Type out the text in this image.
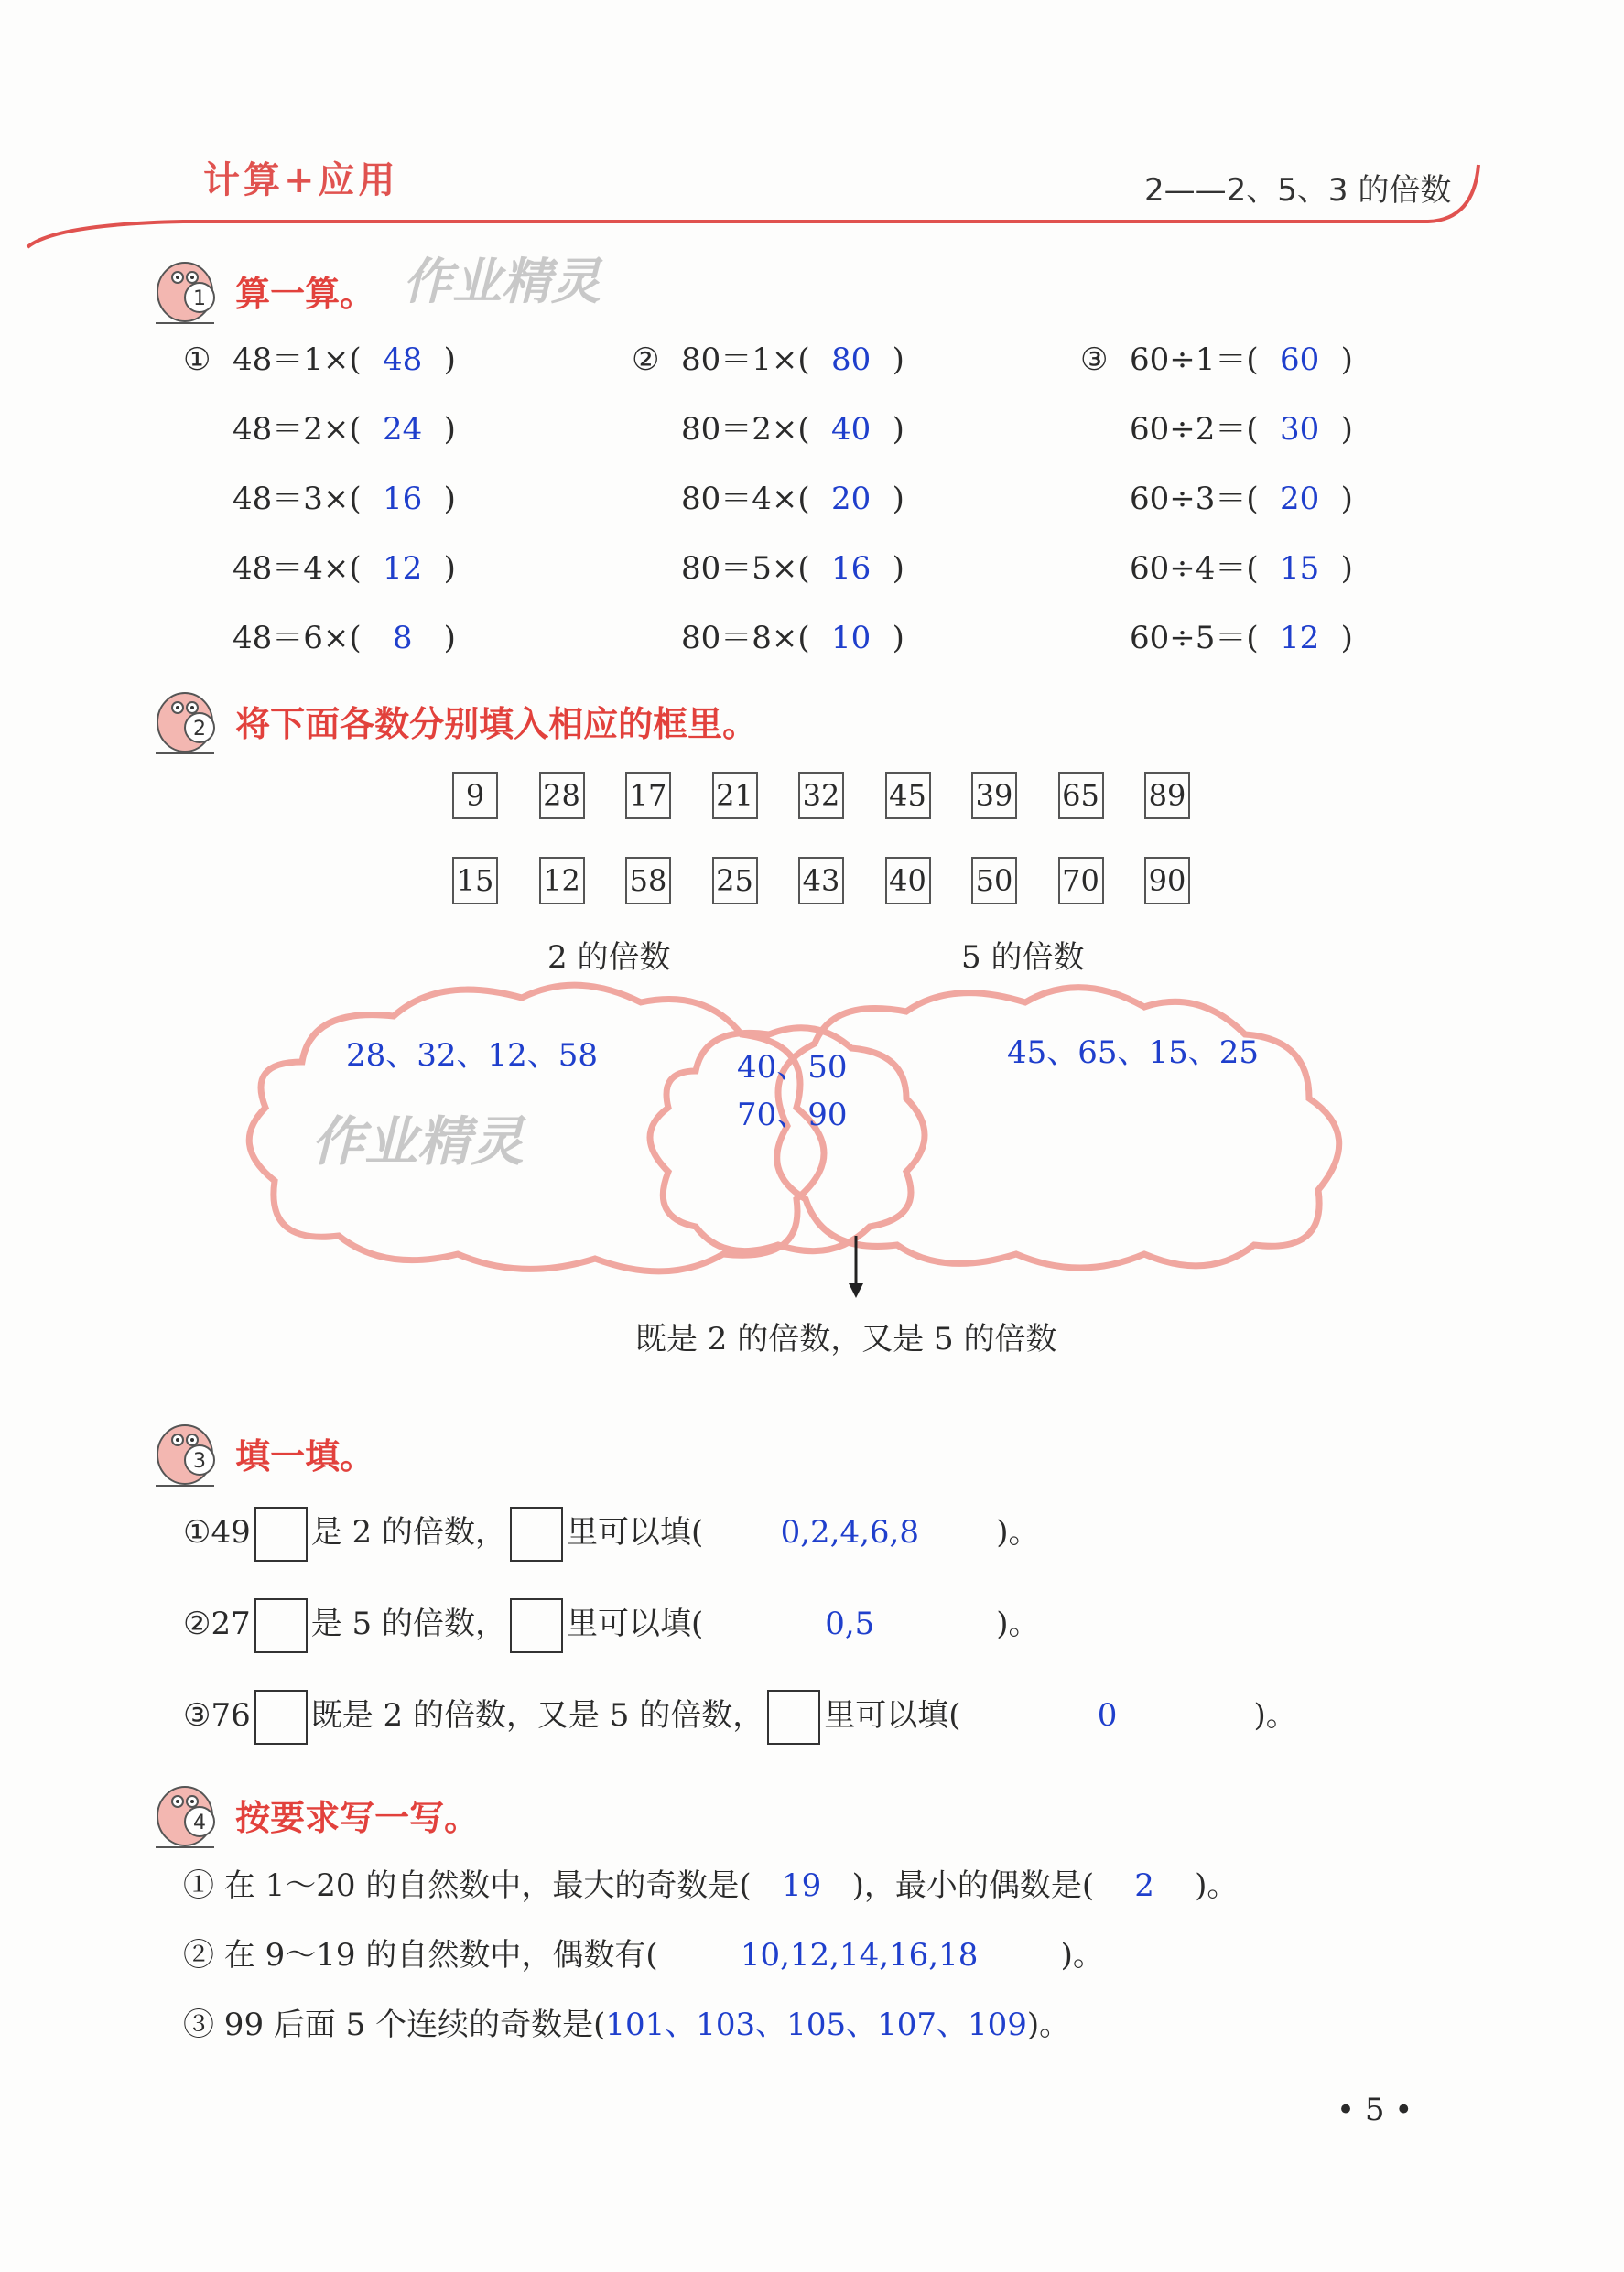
计算+应用	2——2、5、3 的倍数
1 算一算。 作业精灵
① 48＝1×( 48 )
48＝2×( 24 )
48＝3×( 16 )
48＝4×( 12 )
48＝6×( 8 )
② 80＝1×( 80 )
80＝2×( 40 )
80＝4×( 20 )
80＝5×( 16 )
80＝8×( 10 )
③ 60÷1＝( 60 )
60÷2＝( 30 )
60÷3＝( 20 )
60÷4＝( 15 )
60÷5＝( 12 )
2 将下面各数分别填入相应的框里。
9	28 17 21 32 45 39 65 89
15 12 58 25 43 40 50 70 90
2 的倍数	5 的倍数
28、32、12、58	40、50
70、90
45、65、15、25
作业精灵
既是 2 的倍数，又是 5 的倍数
3 填一填。
①49 是 2 的倍数， 里可以填( 0,2,4,6,8 )。
②27 是 5 的倍数， 里可以填(	0,5	)。
③76 既是 2 的倍数，又是 5 的倍数， 里可以填(	0	)。
4 按要求写一写。
① 在 1～20 的自然数中，最大的奇数是( 19 )，最小的偶数是( 2 )。
② 在 9～19 的自然数中，偶数有(	10,12,14,16,18	)。
③ 99 后面 5 个连续的奇数是(101、103、105、107、109)。
• 5 •
